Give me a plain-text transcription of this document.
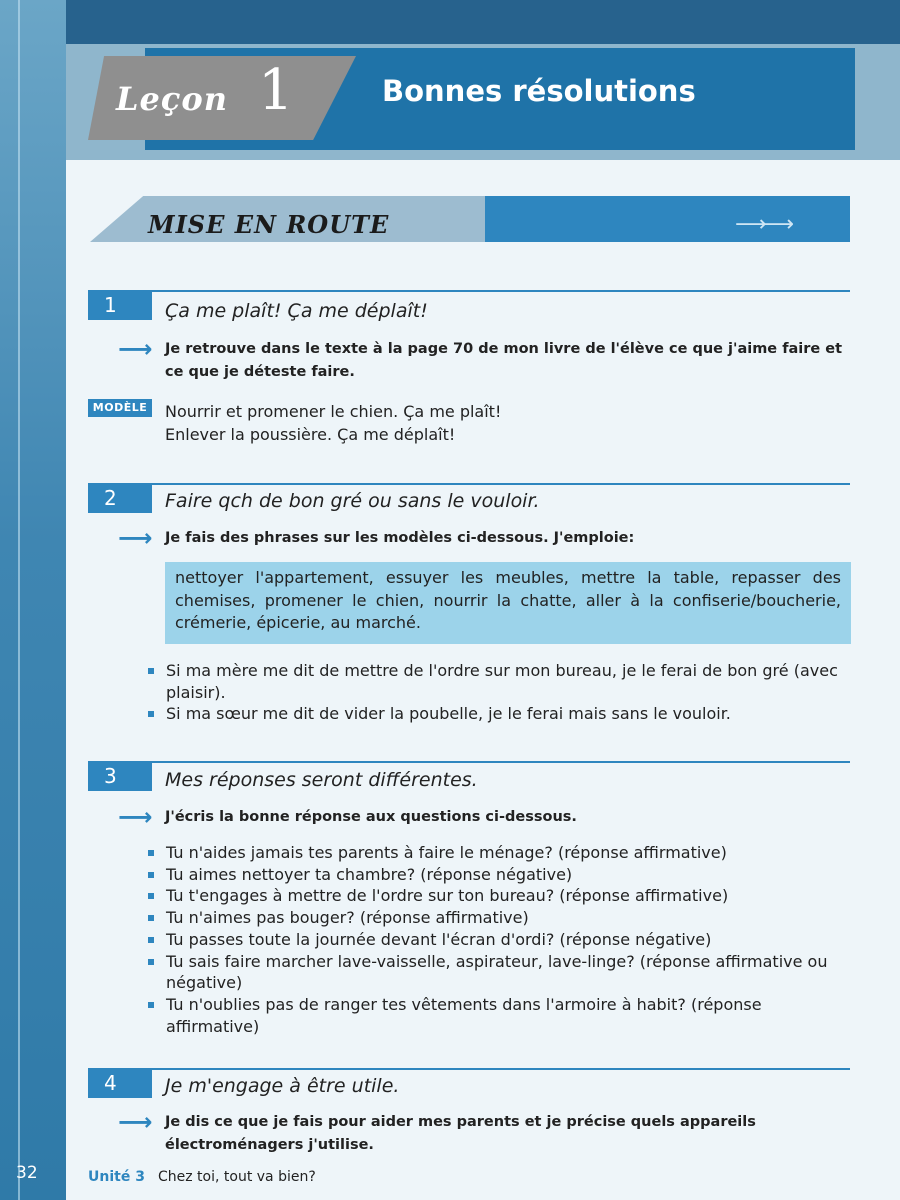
Leçon 1	Bonnes résolutions
MISE EN ROUTE	⟶⟶
1	Ça me plaît! Ça me déplaît!
⟶ Je retrouve dans le texte à la page 70 de mon livre de l'élève ce que j'aime faire et ce que je déteste faire.
MODÈLE Nourrir et promener le chien. Ça me plaît!
Enlever la poussière. Ça me déplaît!
2	Faire qch de bon gré ou sans le vouloir.
⟶ Je fais des phrases sur les modèles ci-dessous. J'emploie:
nettoyer l'appartement, essuyer les meubles, mettre la table, repasser des chemises, promener le chien, nourrir la chatte, aller à la confiserie/boucherie, crémerie, épicerie, au marché.
Si ma mère me dit de mettre de l'ordre sur mon bureau, je le ferai de bon gré (avec plaisir).
Si ma sœur me dit de vider la poubelle, je le ferai mais sans le vouloir.
3	Mes réponses seront différentes.
⟶ J'écris la bonne réponse aux questions ci-dessous.
Tu n'aides jamais tes parents à faire le ménage? (réponse affirmative)
Tu aimes nettoyer ta chambre? (réponse négative)
Tu t'engages à mettre de l'ordre sur ton bureau? (réponse affirmative)
Tu n'aimes pas bouger? (réponse affirmative)
Tu passes toute la journée devant l'écran d'ordi? (réponse négative)
Tu sais faire marcher lave-vaisselle, aspirateur, lave-linge? (réponse affirmative ou négative)
Tu n'oublies pas de ranger tes vêtements dans l'armoire à habit? (réponse affirmative)
4	Je m'engage à être utile.
⟶ Je dis ce que je fais pour aider mes parents et je précise quels appareils électroménagers j'utilise.
32	Unité 3 Chez toi, tout va bien?
